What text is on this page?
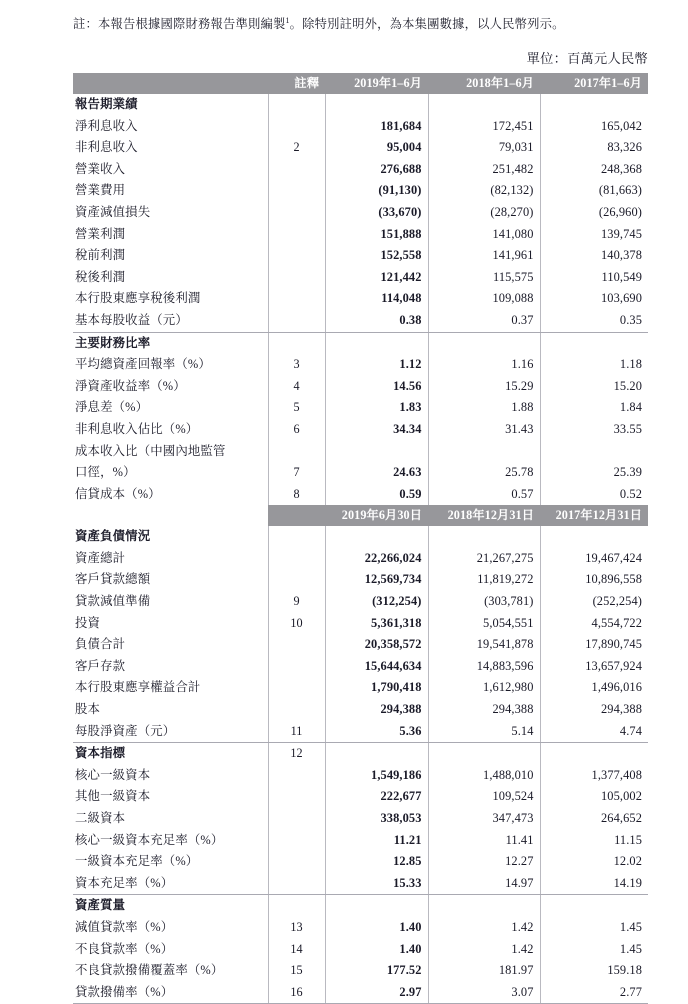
註：本報告根據國際財務報告準則編製$^1$。除特別註明外，為本集團數據，以人民幣列示。
單位：百萬元人民幣
	註釋	2019年1–6月	2018年1–6月	2017年1–6月
報告期業績				
淨利息收入		181,684	172,451	165,042
非利息收入	2	95,004	79,031	83,326
營業收入		276,688	251,482	248,368
營業費用		(91,130)	(82,132)	(81,663)
資產減值損失		(33,670)	(28,270)	(26,960)
營業利潤		151,888	141,080	139,745
稅前利潤		152,558	141,961	140,378
稅後利潤		121,442	115,575	110,549
本行股東應享稅後利潤		114,048	109,088	103,690
基本每股收益（元）		0.38	0.37	0.35

主要財務比率				
平均總資產回報率（%）	3	1.12	1.16	1.18
淨資產收益率（%）	4	14.56	15.29	15.20
淨息差（%）	5	1.83	1.88	1.84
非利息收入佔比（%）	6	34.34	31.43	33.55
成本收入比（中國內地監管				
口徑，%）	7	24.63	25.78	25.39
信貸成本（%）	8	0.59	0.57	0.52
		2019年6月30日	2018年12月31日	2017年12月31日
資產負債情況				
資產總計		22,266,024	21,267,275	19,467,424
客戶貸款總額		12,569,734	11,819,272	10,896,558
貸款減值準備	9	(312,254)	(303,781)	(252,254)
投資	10	5,361,318	5,054,551	4,554,722
負債合計		20,358,572	19,541,878	17,890,745
客戶存款		15,644,634	14,883,596	13,657,924
本行股東應享權益合計		1,790,418	1,612,980	1,496,016
股本		294,388	294,388	294,388
每股淨資產（元）	11	5.36	5.14	4.74

資本指標	12			
核心一級資本		1,549,186	1,488,010	1,377,408
其他一級資本		222,677	109,524	105,002
二級資本		338,053	347,473	264,652
核心一級資本充足率（%）		11.21	11.41	11.15
一級資本充足率（%）		12.85	12.27	12.02
資本充足率（%）		15.33	14.97	14.19

資產質量				
減值貸款率（%）	13	1.40	1.42	1.45
不良貸款率（%）	14	1.40	1.42	1.45
不良貸款撥備覆蓋率（%）	15	177.52	181.97	159.18
貸款撥備率（%）	16	2.97	3.07	2.77
